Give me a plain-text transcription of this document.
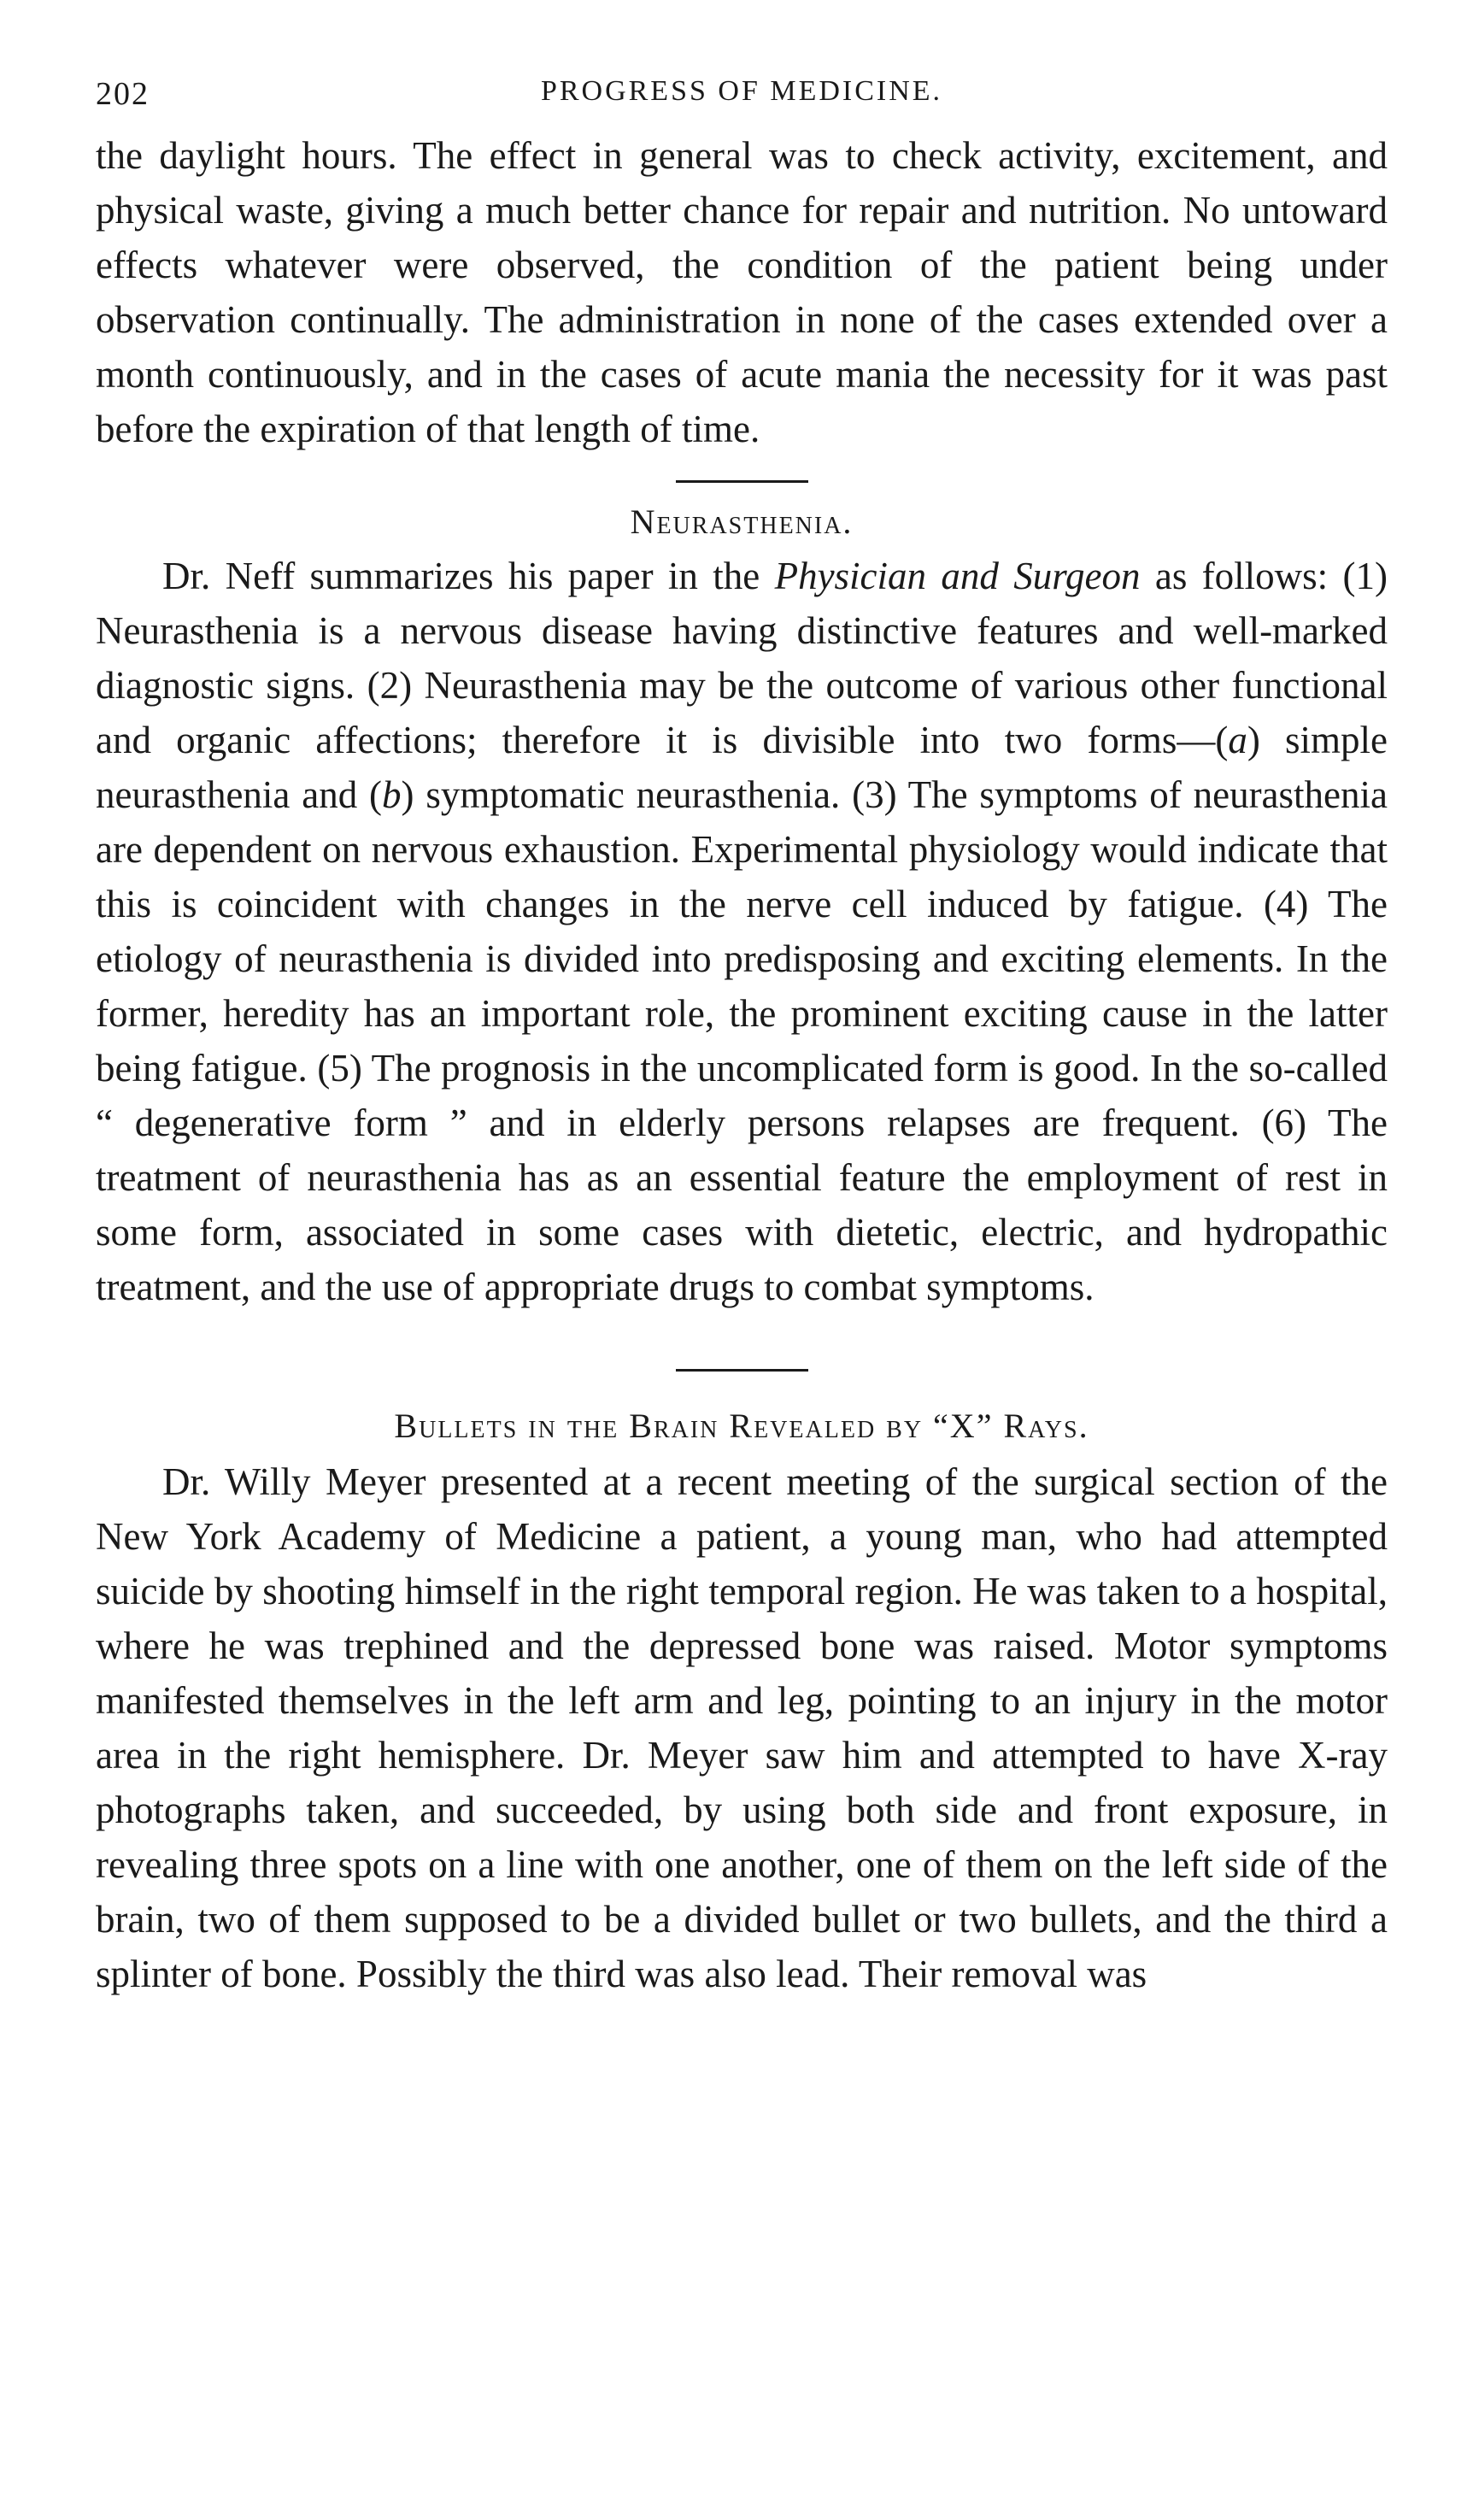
202	PROGRESS OF MEDICINE.

the daylight hours. The effect in general was to check activity, excitement, and physical waste, giving a much better chance for repair and nutrition. No untoward effects whatever were observed, the condition of the patient being under observation continually. The administration in none of the cases extended over a month continuously, and in the cases of acute mania the necessity for it was past before the expiration of that length of time.

Neurasthenia.

Dr. Neff summarizes his paper in the Physician and Surgeon as follows: (1) Neurasthenia is a nervous disease having distinctive features and well-marked diagnostic signs. (2) Neurasthenia may be the outcome of various other functional and organic affections; therefore it is divisible into two forms—(a) simple neurasthenia and (b) symptomatic neurasthenia. (3) The symptoms of neurasthenia are dependent on nervous exhaustion. Experimental physiology would indicate that this is coincident with changes in the nerve cell induced by fatigue. (4) The etiology of neurasthenia is divided into predisposing and exciting elements. In the former, heredity has an important role, the prominent exciting cause in the latter being fatigue. (5) The prognosis in the uncomplicated form is good. In the so-called “ degenerative form ” and in elderly persons relapses are frequent. (6) The treatment of neurasthenia has as an essential feature the employment of rest in some form, associated in some cases with dietetic, electric, and hydropathic treatment, and the use of appropriate drugs to combat symptoms.

Bullets in the Brain Revealed by “X” Rays.

Dr. Willy Meyer presented at a recent meeting of the surgical section of the New York Academy of Medicine a patient, a young man, who had attempted suicide by shooting himself in the right temporal region. He was taken to a hospital, where he was trephined and the depressed bone was raised. Motor symptoms manifested themselves in the left arm and leg, pointing to an injury in the motor area in the right hemisphere. Dr. Meyer saw him and attempted to have X-ray photographs taken, and succeeded, by using both side and front exposure, in revealing three spots on a line with one another, one of them on the left side of the brain, two of them supposed to be a divided bullet or two bullets, and the third a splinter of bone. Possibly the third was also lead. Their removal was
